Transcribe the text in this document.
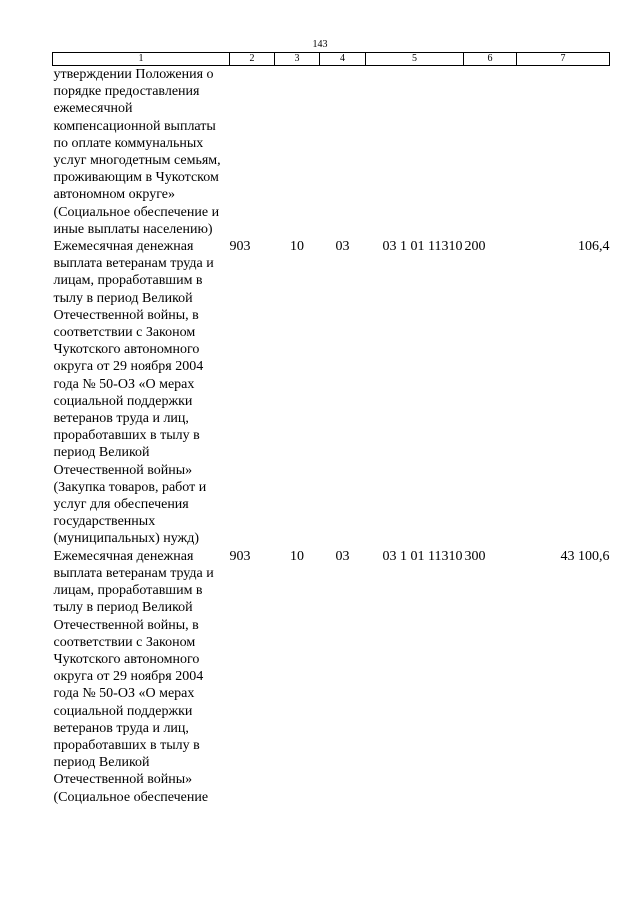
143
1	2	3	4	5	6	7
утверждении Положения о порядке предоставления ежемесячной компенсационной выплаты по оплате коммунальных услуг многодетным семьям, проживающим в Чукотском автономном округе» (Социальное обеспечение и иные выплаты населению)						
Ежемесячная денежная выплата ветеранам труда и лицам, проработавшим в тылу в период Великой Отечественной войны, в соответствии с Законом Чукотского автономного округа от 29 ноября 2004 года № 50-ОЗ «О мерах социальной поддержки ветеранов труда и лиц, проработавших в тылу в период Великой Отечественной войны» (Закупка товаров, работ и услуг для обеспечения государственных (муниципальных) нужд)	903	10	03	03 1 01 11310	200	106,4
Ежемесячная денежная выплата ветеранам труда и лицам, проработавшим в тылу в период Великой Отечественной войны, в соответствии с Законом Чукотского автономного округа от 29 ноября 2004 года № 50-ОЗ «О мерах социальной поддержки ветеранов труда и лиц, проработавших в тылу в период Великой Отечественной войны» (Социальное обеспечение	903	10	03	03 1 01 11310	300	43 100,6
